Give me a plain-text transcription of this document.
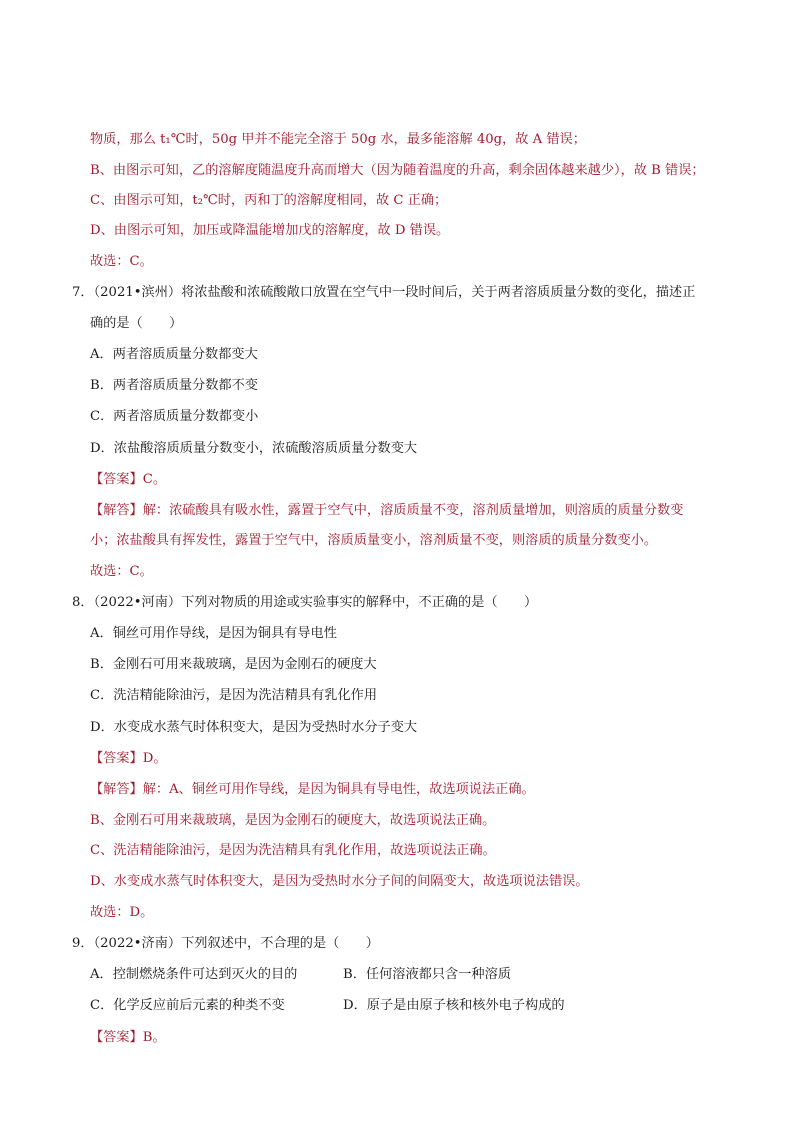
物质，那么 t₁℃时，50g 甲并不能完全溶于 50g 水，最多能溶解 40g，故 A 错误；
B、由图示可知，乙的溶解度随温度升高而增大（因为随着温度的升高，剩余固体越来越少），故 B 错误；
C、由图示可知，t₂℃时，丙和丁的溶解度相同，故 C 正确；
D、由图示可知，加压或降温能增加戊的溶解度，故 D 错误。
故选：C。
7．（2021•滨州）将浓盐酸和浓硫酸敞口放置在空气中一段时间后，关于两者溶质质量分数的变化，描述正
确的是（　　）
A．两者溶质质量分数都变大
B．两者溶质质量分数都不变
C．两者溶质质量分数都变小
D．浓盐酸溶质质量分数变小，浓硫酸溶质质量分数变大
【答案】C。
【解答】解：浓硫酸具有吸水性，露置于空气中，溶质质量不变，溶剂质量增加，则溶质的质量分数变
小；浓盐酸具有挥发性，露置于空气中，溶质质量变小，溶剂质量不变，则溶质的质量分数变小。
故选：C。
8．（2022•河南）下列对物质的用途或实验事实的解释中，不正确的是（　　）
A．铜丝可用作导线，是因为铜具有导电性
B．金刚石可用来裁玻璃，是因为金刚石的硬度大
C．洗洁精能除油污，是因为洗洁精具有乳化作用
D．水变成水蒸气时体积变大，是因为受热时水分子变大
【答案】D。
【解答】解：A、铜丝可用作导线，是因为铜具有导电性，故选项说法正确。
B、金刚石可用来裁玻璃，是因为金刚石的硬度大，故选项说法正确。
C、洗洁精能除油污，是因为洗洁精具有乳化作用，故选项说法正确。
D、水变成水蒸气时体积变大，是因为受热时水分子间的间隔变大，故选项说法错误。
故选：D。
9．（2022•济南）下列叙述中，不合理的是（　　）
A．控制燃烧条件可达到灭火的目的	B．任何溶液都只含一种溶质
C．化学反应前后元素的种类不变	D．原子是由原子核和核外电子构成的
【答案】B。
